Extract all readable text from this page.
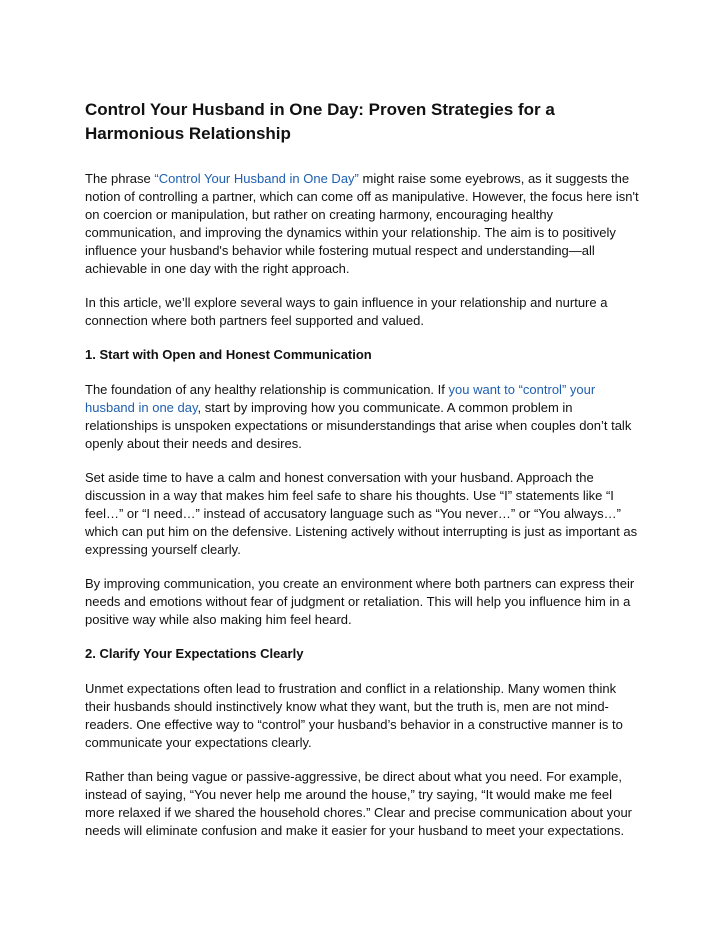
Control Your Husband in One Day: Proven Strategies for a Harmonious Relationship

The phrase “Control Your Husband in One Day” might raise some eyebrows, as it suggests the notion of controlling a partner, which can come off as manipulative. However, the focus here isn't on coercion or manipulation, but rather on creating harmony, encouraging healthy communication, and improving the dynamics within your relationship. The aim is to positively influence your husband's behavior while fostering mutual respect and understanding—all achievable in one day with the right approach.

In this article, we’ll explore several ways to gain influence in your relationship and nurture a connection where both partners feel supported and valued.

1. Start with Open and Honest Communication

The foundation of any healthy relationship is communication. If you want to “control” your husband in one day, start by improving how you communicate. A common problem in relationships is unspoken expectations or misunderstandings that arise when couples don’t talk openly about their needs and desires.

Set aside time to have a calm and honest conversation with your husband. Approach the discussion in a way that makes him feel safe to share his thoughts. Use “I” statements like “I feel…” or “I need…” instead of accusatory language such as “You never…” or “You always…” which can put him on the defensive. Listening actively without interrupting is just as important as expressing yourself clearly.

By improving communication, you create an environment where both partners can express their needs and emotions without fear of judgment or retaliation. This will help you influence him in a positive way while also making him feel heard.

2. Clarify Your Expectations Clearly

Unmet expectations often lead to frustration and conflict in a relationship. Many women think their husbands should instinctively know what they want, but the truth is, men are not mind-readers. One effective way to “control” your husband’s behavior in a constructive manner is to communicate your expectations clearly.

Rather than being vague or passive-aggressive, be direct about what you need. For example, instead of saying, “You never help me around the house,” try saying, “It would make me feel more relaxed if we shared the household chores.” Clear and precise communication about your needs will eliminate confusion and make it easier for your husband to meet your expectations.
